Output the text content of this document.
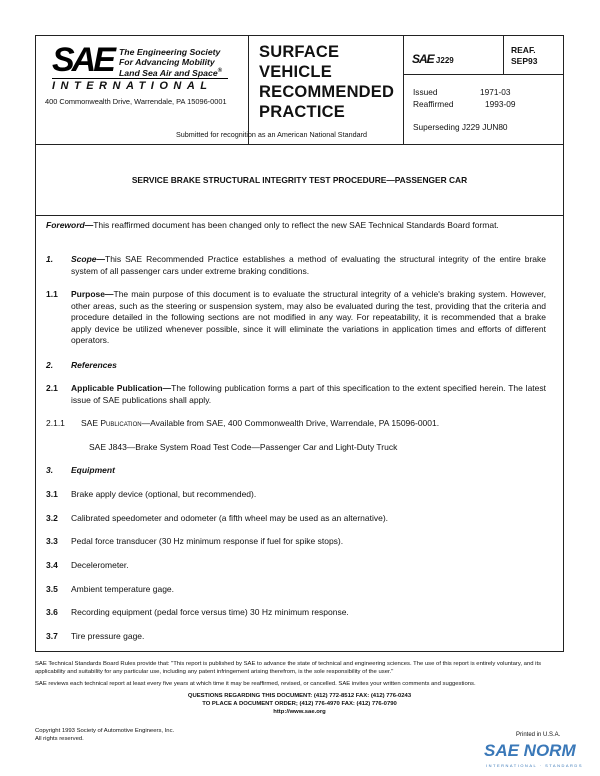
SAE The Engineering Society
For Advancing Mobility
Land Sea Air and Space®
INTERNATIONAL
400 Commonwealth Drive, Warrendale, PA 15096-0001
Submitted for recognition as an American National Standard
SURFACE
VEHICLE
RECOMMENDED
PRACTICE
SAE J229
REAF.
SEP93
Issued	1971-03
Reaffirmed	1993-09
Superseding J229 JUN80
SERVICE BRAKE STRUCTURAL INTEGRITY TEST PROCEDURE—PASSENGER CAR
Foreword—This reaffirmed document has been changed only to reflect the new SAE Technical Standards Board format.
1. Scope—This SAE Recommended Practice establishes a method of evaluating the structural integrity of the entire brake system of all passenger cars under extreme braking conditions.
1.1 Purpose—The main purpose of this document is to evaluate the structural integrity of a vehicle's braking system. However, other areas, such as the steering or suspension system, may also be evaluated during the test, providing that the criteria and procedure detailed in the following sections are not modified in any way. For repeatability, it is recommended that a brake apply device be utilized whenever possible, since it will eliminate the variations in application times and efforts of different operators.
2. References
2.1 Applicable Publication—The following publication forms a part of this specification to the extent specified herein. The latest issue of SAE publications shall apply.
2.1.1 SAE Publication—Available from SAE, 400 Commonwealth Drive, Warrendale, PA 15096-0001.
SAE J843—Brake System Road Test Code—Passenger Car and Light-Duty Truck
3. Equipment
3.1 Brake apply device (optional, but recommended).
3.2 Calibrated speedometer and odometer (a fifth wheel may be used as an alternative).
3.3 Pedal force transducer (30 Hz minimum response if fuel for spike stops).
3.4 Decelerometer.
3.5 Ambient temperature gage.
3.6 Recording equipment (pedal force versus time) 30 Hz minimum response.
3.7 Tire pressure gage.
SAE Technical Standards Board Rules provide that: "This report is published by SAE to advance the state of technical and engineering sciences. The use of this report is entirely voluntary, and its applicability and suitability for any particular use, including any patent infringement arising therefrom, is the sole responsibility of the user."
SAE reviews each technical report at least every five years at which time it may be reaffirmed, revised, or cancelled. SAE invites your written comments and suggestions.
QUESTIONS REGARDING THIS DOCUMENT: (412) 772-8512 FAX: (412) 776-0243
TO PLACE A DOCUMENT ORDER; (412) 776-4970 FAX: (412) 776-0790
http://www.sae.org
Copyright 1993 Society of Automotive Engineers, Inc.
All rights reserved.
Printed in U.S.A.
SAE NORM
INTERNATIONAL · STANDARDS
